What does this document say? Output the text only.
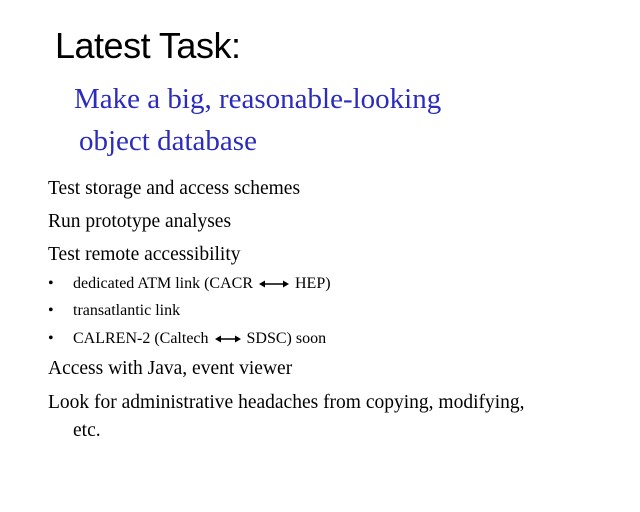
Latest Task:
Make a big, reasonable-looking
object database
Test storage and access schemes
Run prototype analyses
Test remote accessibility
• dedicated ATM link (CACR	HEP)
• transatlantic link
• CALREN-2 (Caltech SDSC) soon
Access with Java, event viewer
Look for administrative headaches from copying, modifying,
etc.
